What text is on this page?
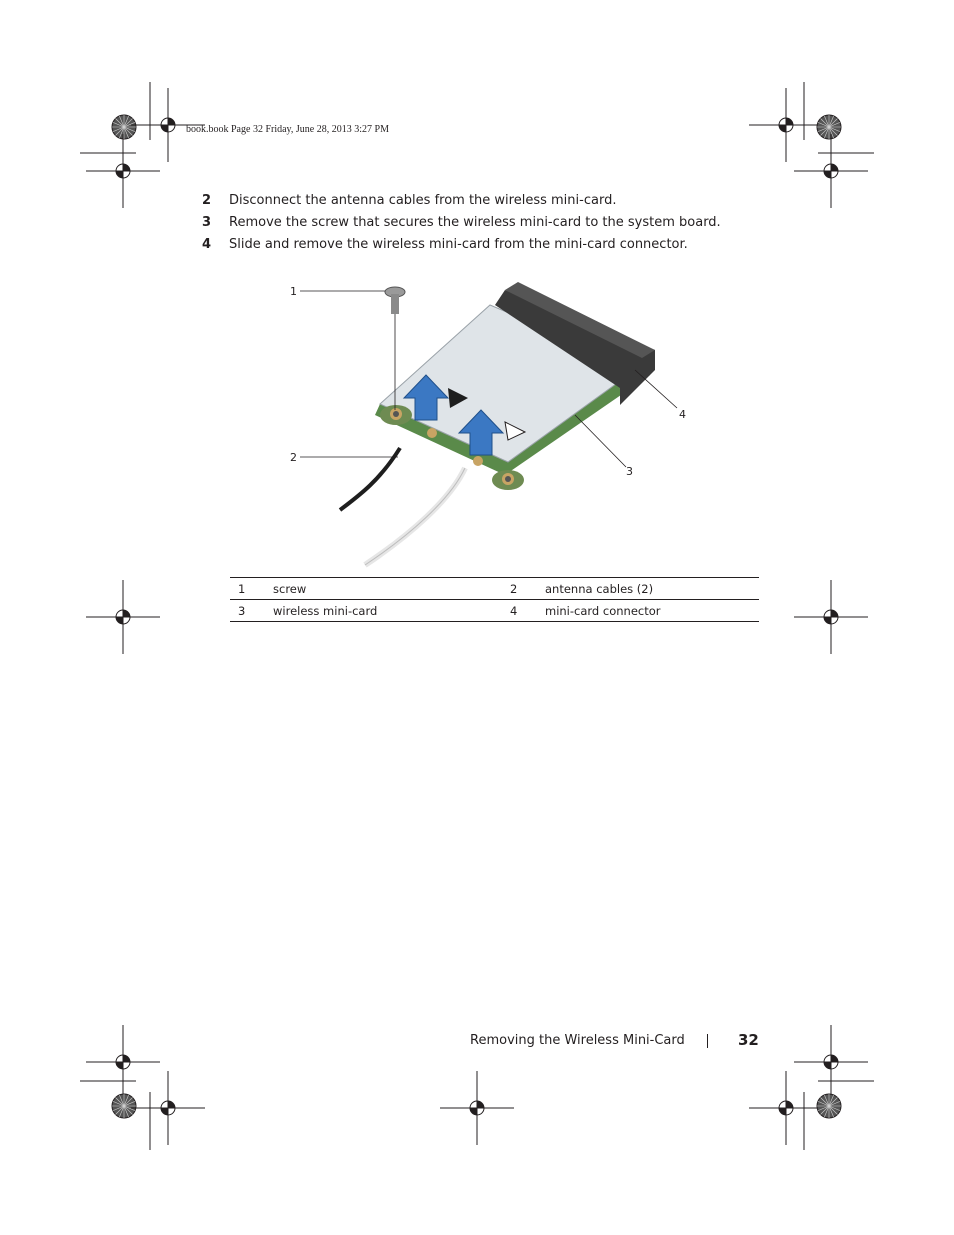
book.book Page 32 Friday, June 28, 2013 3:27 PM
2 Disconnect the antenna cables from the wireless mini-card.
3 Remove the screw that secures the wireless mini-card to the system board.
4 Slide and remove the wireless mini-card from the mini-card connector.
1
2
3
4
1	screw	2	antenna cables (2)
3	wireless mini-card	4	mini-card connector
Removing the Wireless Mini-Card	32
